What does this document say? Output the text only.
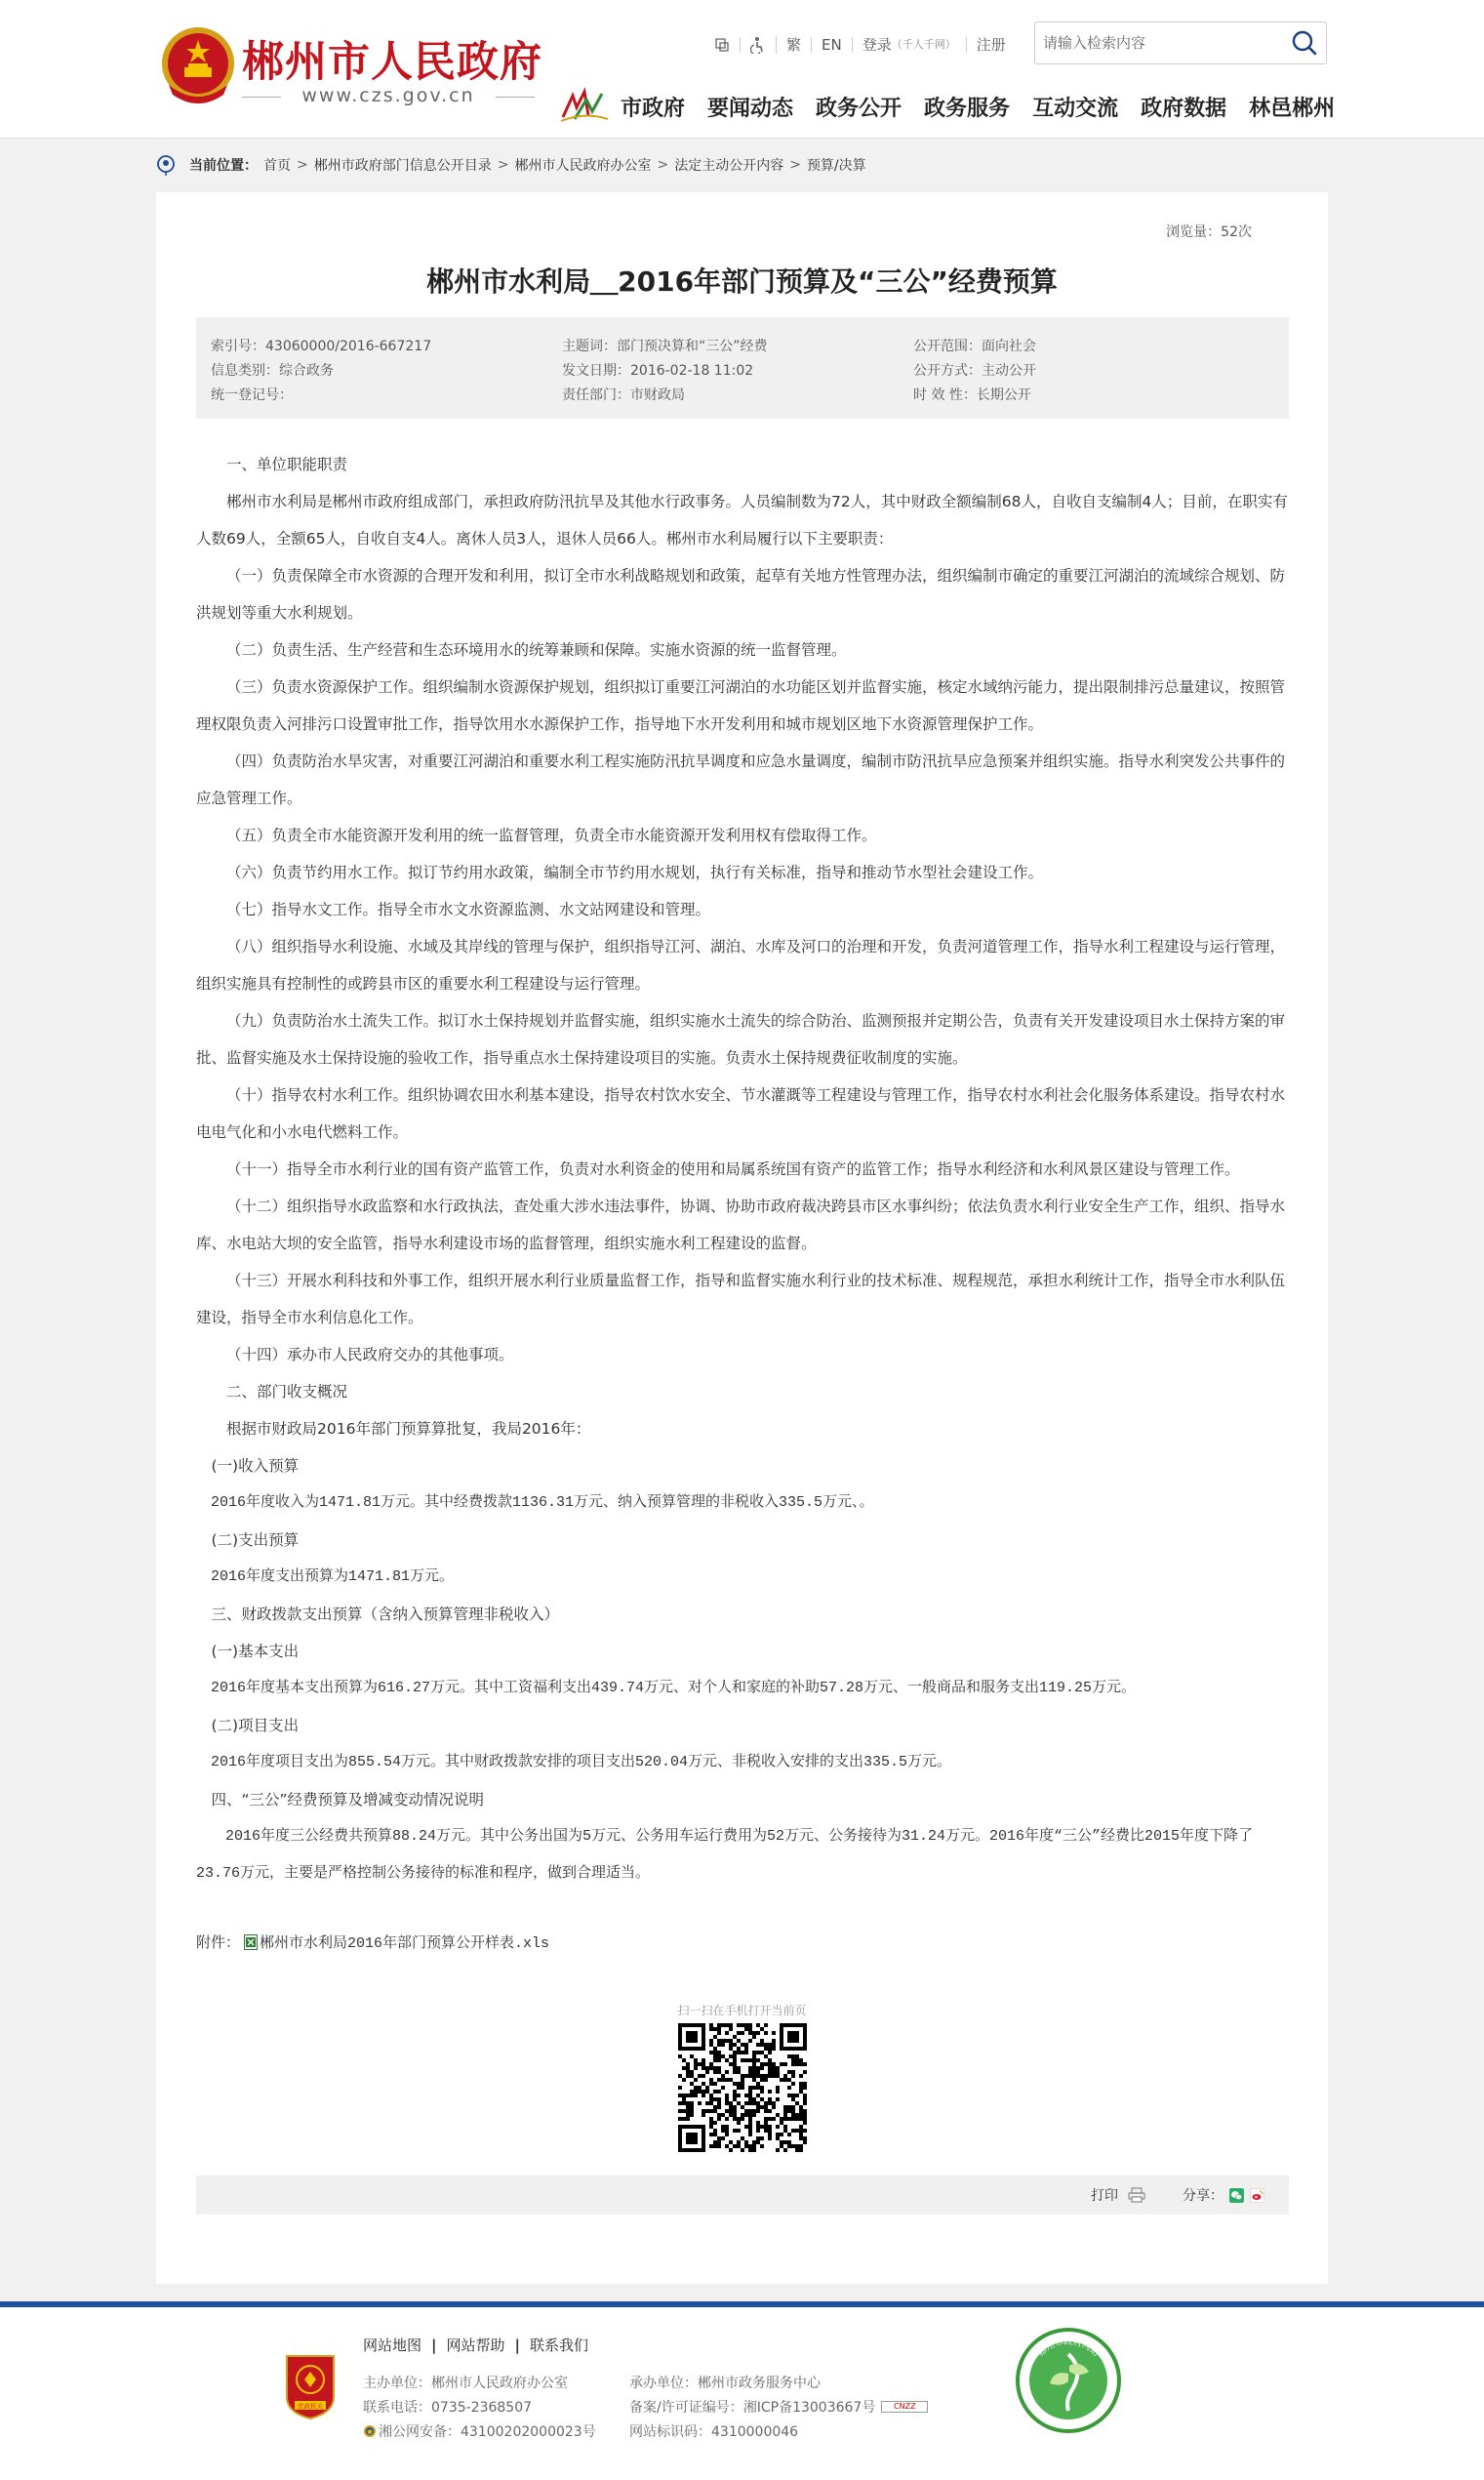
郴州市人民政府
www.czs.gov.cn
繁	EN	登录 （千人千网）	注册
请输入检索内容
市政府 要闻动态 政务公开 政务服务 互动交流 政府数据 林邑郴州
当前位置： 首页 > 郴州市政府部门信息公开目录 > 郴州市人民政府办公室 > 法定主动公开内容 > 预算/决算
浏览量：52次
郴州市水利局＿2016年部门预算及“三公”经费预算
索引号：43060000/2016-667217
信息类别：综合政务
统一登记号：
主题词：部门预决算和“三公”经费
发文日期：2016-02-18 11:02
责任部门：市财政局
公开范围：面向社会
公开方式：主动公开
时 效 性：长期公开

一、单位职能职责

郴州市水利局是郴州市政府组成部门，承担政府防汛抗旱及其他水行政事务。人员编制数为72人，其中财政全额编制68人，自收自支编制4人；目前，在职实有人数69人，全额65人，自收自支4人。离休人员3人，退休人员66人。郴州市水利局履行以下主要职责：

（一）负责保障全市水资源的合理开发和利用，拟订全市水利战略规划和政策，起草有关地方性管理办法，组织编制市确定的重要江河湖泊的流域综合规划、防洪规划等重大水利规划。

（二）负责生活、生产经营和生态环境用水的统筹兼顾和保障。实施水资源的统一监督管理。

（三）负责水资源保护工作。组织编制水资源保护规划，组织拟订重要江河湖泊的水功能区划并监督实施，核定水域纳污能力，提出限制排污总量建议，按照管理权限负责入河排污口设置审批工作，指导饮用水水源保护工作，指导地下水开发利用和城市规划区地下水资源管理保护工作。

（四）负责防治水旱灾害，对重要江河湖泊和重要水利工程实施防汛抗旱调度和应急水量调度，编制市防汛抗旱应急预案并组织实施。指导水利突发公共事件的应急管理工作。

（五）负责全市水能资源开发利用的统一监督管理，负责全市水能资源开发利用权有偿取得工作。

（六）负责节约用水工作。拟订节约用水政策，编制全市节约用水规划，执行有关标准，指导和推动节水型社会建设工作。

（七）指导水文工作。指导全市水文水资源监测、水文站网建设和管理。

（八）组织指导水利设施、水域及其岸线的管理与保护，组织指导江河、湖泊、水库及河口的治理和开发，负责河道管理工作，指导水利工程建设与运行管理，组织实施具有控制性的或跨县市区的重要水利工程建设与运行管理。

（九）负责防治水土流失工作。拟订水土保持规划并监督实施，组织实施水土流失的综合防治、监测预报并定期公告，负责有关开发建设项目水土保持方案的审批、监督实施及水土保持设施的验收工作，指导重点水土保持建设项目的实施。负责水土保持规费征收制度的实施。

（十）指导农村水利工作。组织协调农田水利基本建设，指导农村饮水安全、节水灌溉等工程建设与管理工作，指导农村水利社会化服务体系建设。指导农村水电电气化和小水电代燃料工作。

（十一）指导全市水利行业的国有资产监管工作，负责对水利资金的使用和局属系统国有资产的监管工作；指导水利经济和水利风景区建设与管理工作。

（十二）组织指导水政监察和水行政执法，查处重大涉水违法事件，协调、协助市政府裁决跨县市区水事纠纷；依法负责水利行业安全生产工作，组织、指导水库、水电站大坝的安全监管，指导水利建设市场的监督管理，组织实施水利工程建设的监督。

（十三）开展水利科技和外事工作，组织开展水利行业质量监督工作，指导和监督实施水利行业的技术标准、规程规范，承担水利统计工作，指导全市水利队伍建设，指导全市水利信息化工作。

（十四）承办市人民政府交办的其他事项。

二、部门收支概况

根据市财政局2016年部门预算算批复，我局2016年：

(一)收入预算

2016年度收入为1471.81万元。其中经费拨款1136.31万元、纳入预算管理的非税收入335.5万元、。

(二)支出预算

2016年度支出预算为1471.81万元。

三、财政拨款支出预算（含纳入预算管理非税收入）

(一)基本支出

2016年度基本支出预算为616.27万元。其中工资福利支出439.74万元、对个人和家庭的补助57.28万元、一般商品和服务支出119.25万元。

(二)项目支出

2016年度项目支出为855.54万元。其中财政拨款安排的项目支出520.04万元、非税收入安排的支出335.5万元。

四、“三公”经费预算及增减变动情况说明

2016年度三公经费共预算88.24万元。其中公务出国为5万元、公务用车运行费用为52万元、公务接待为31.24万元。2016年度“三公”经费比2015年度下降了23.76万元，主要是严格控制公务接待的标准和程序，做到合理适当。

附件： 郴州市水利局2016年部门预算公开样表.xls
扫一扫在手机打开当前页
打印	分享：
党政机关
网站地图 | 网站帮助 | 联系我们
主办单位：郴州市人民政府办公室	承办单位：郴州市政务服务中心
联系电话：0735-2368507	备案/许可证编号：湘ICP备13003667号	CNZZ
湘公网安备：43100202000023号 网站标识码：4310000046
郴州市政府网站
